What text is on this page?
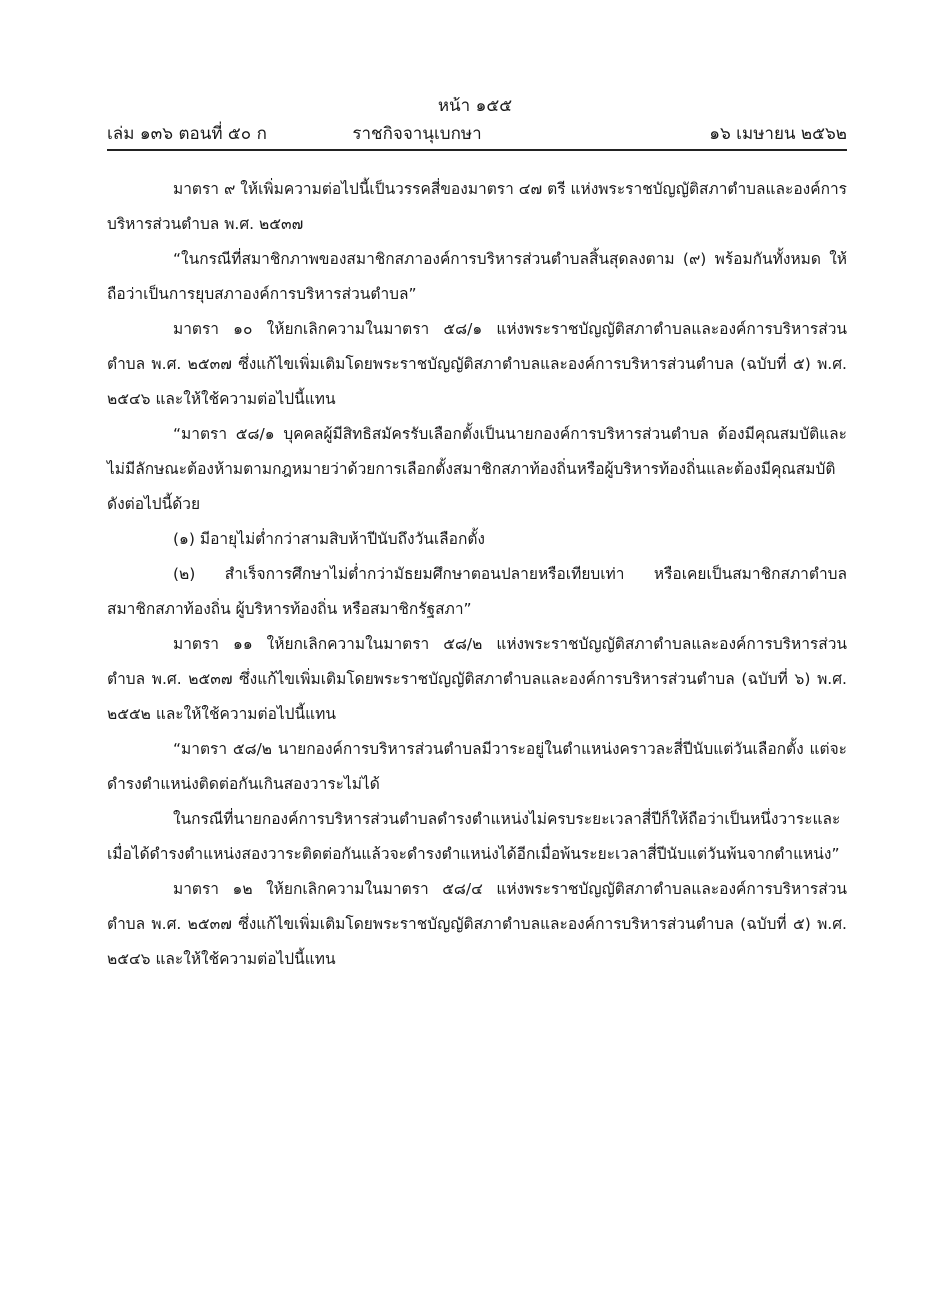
หน้า ๑๕๕
เล่ม ๑๓๖ ตอนที่ ๕๐ ก	ราชกิจจานุเบกษา	๑๖ เมษายน ๒๕๖๒

มาตรา ๙ ให้เพิ่มความต่อไปนี้เป็นวรรคสี่ของมาตรา ๔๗ ตรี แห่งพระราชบัญญัติสภาตำบลและองค์การบริหารส่วนตำบล พ.ศ. ๒๕๓๗

“ในกรณีที่สมาชิกภาพของสมาชิกสภาองค์การบริหารส่วนตำบลสิ้นสุดลงตาม (๙) พร้อมกันทั้งหมด ให้ถือว่าเป็นการยุบสภาองค์การบริหารส่วนตำบล”

มาตรา ๑๐ ให้ยกเลิกความในมาตรา ๕๘/๑ แห่งพระราชบัญญัติสภาตำบลและองค์การบริหารส่วนตำบล พ.ศ. ๒๕๓๗ ซึ่งแก้ไขเพิ่มเติมโดยพระราชบัญญัติสภาตำบลและองค์การบริหารส่วนตำบล (ฉบับที่ ๕) พ.ศ. ๒๕๔๖ และให้ใช้ความต่อไปนี้แทน

“มาตรา ๕๘/๑ บุคคลผู้มีสิทธิสมัครรับเลือกตั้งเป็นนายกองค์การบริหารส่วนตำบล ต้องมีคุณสมบัติและไม่มีลักษณะต้องห้ามตามกฎหมายว่าด้วยการเลือกตั้งสมาชิกสภาท้องถิ่นหรือผู้บริหารท้องถิ่นและต้องมีคุณสมบัติ ดังต่อไปนี้ด้วย

(๑) มีอายุไม่ต่ำกว่าสามสิบห้าปีนับถึงวันเลือกตั้ง

(๒) สำเร็จการศึกษาไม่ต่ำกว่ามัธยมศึกษาตอนปลายหรือเทียบเท่า หรือเคยเป็นสมาชิกสภาตำบล สมาชิกสภาท้องถิ่น ผู้บริหารท้องถิ่น หรือสมาชิกรัฐสภา”

มาตรา ๑๑ ให้ยกเลิกความในมาตรา ๕๘/๒ แห่งพระราชบัญญัติสภาตำบลและองค์การบริหารส่วนตำบล พ.ศ. ๒๕๓๗ ซึ่งแก้ไขเพิ่มเติมโดยพระราชบัญญัติสภาตำบลและองค์การบริหารส่วนตำบล (ฉบับที่ ๖) พ.ศ. ๒๕๕๒ และให้ใช้ความต่อไปนี้แทน

“มาตรา ๕๘/๒ นายกองค์การบริหารส่วนตำบลมีวาระอยู่ในตำแหน่งคราวละสี่ปีนับแต่วันเลือกตั้ง แต่จะดำรงตำแหน่งติดต่อกันเกินสองวาระไม่ได้

ในกรณีที่นายกองค์การบริหารส่วนตำบลดำรงตำแหน่งไม่ครบระยะเวลาสี่ปีก็ให้ถือว่าเป็นหนึ่งวาระและเมื่อได้ดำรงตำแหน่งสองวาระติดต่อกันแล้วจะดำรงตำแหน่งได้อีกเมื่อพ้นระยะเวลาสี่ปีนับแต่วันพ้นจากตำแหน่ง”

มาตรา ๑๒ ให้ยกเลิกความในมาตรา ๕๘/๔ แห่งพระราชบัญญัติสภาตำบลและองค์การบริหารส่วนตำบล พ.ศ. ๒๕๓๗ ซึ่งแก้ไขเพิ่มเติมโดยพระราชบัญญัติสภาตำบลและองค์การบริหารส่วนตำบล (ฉบับที่ ๕) พ.ศ. ๒๕๔๖ และให้ใช้ความต่อไปนี้แทน
